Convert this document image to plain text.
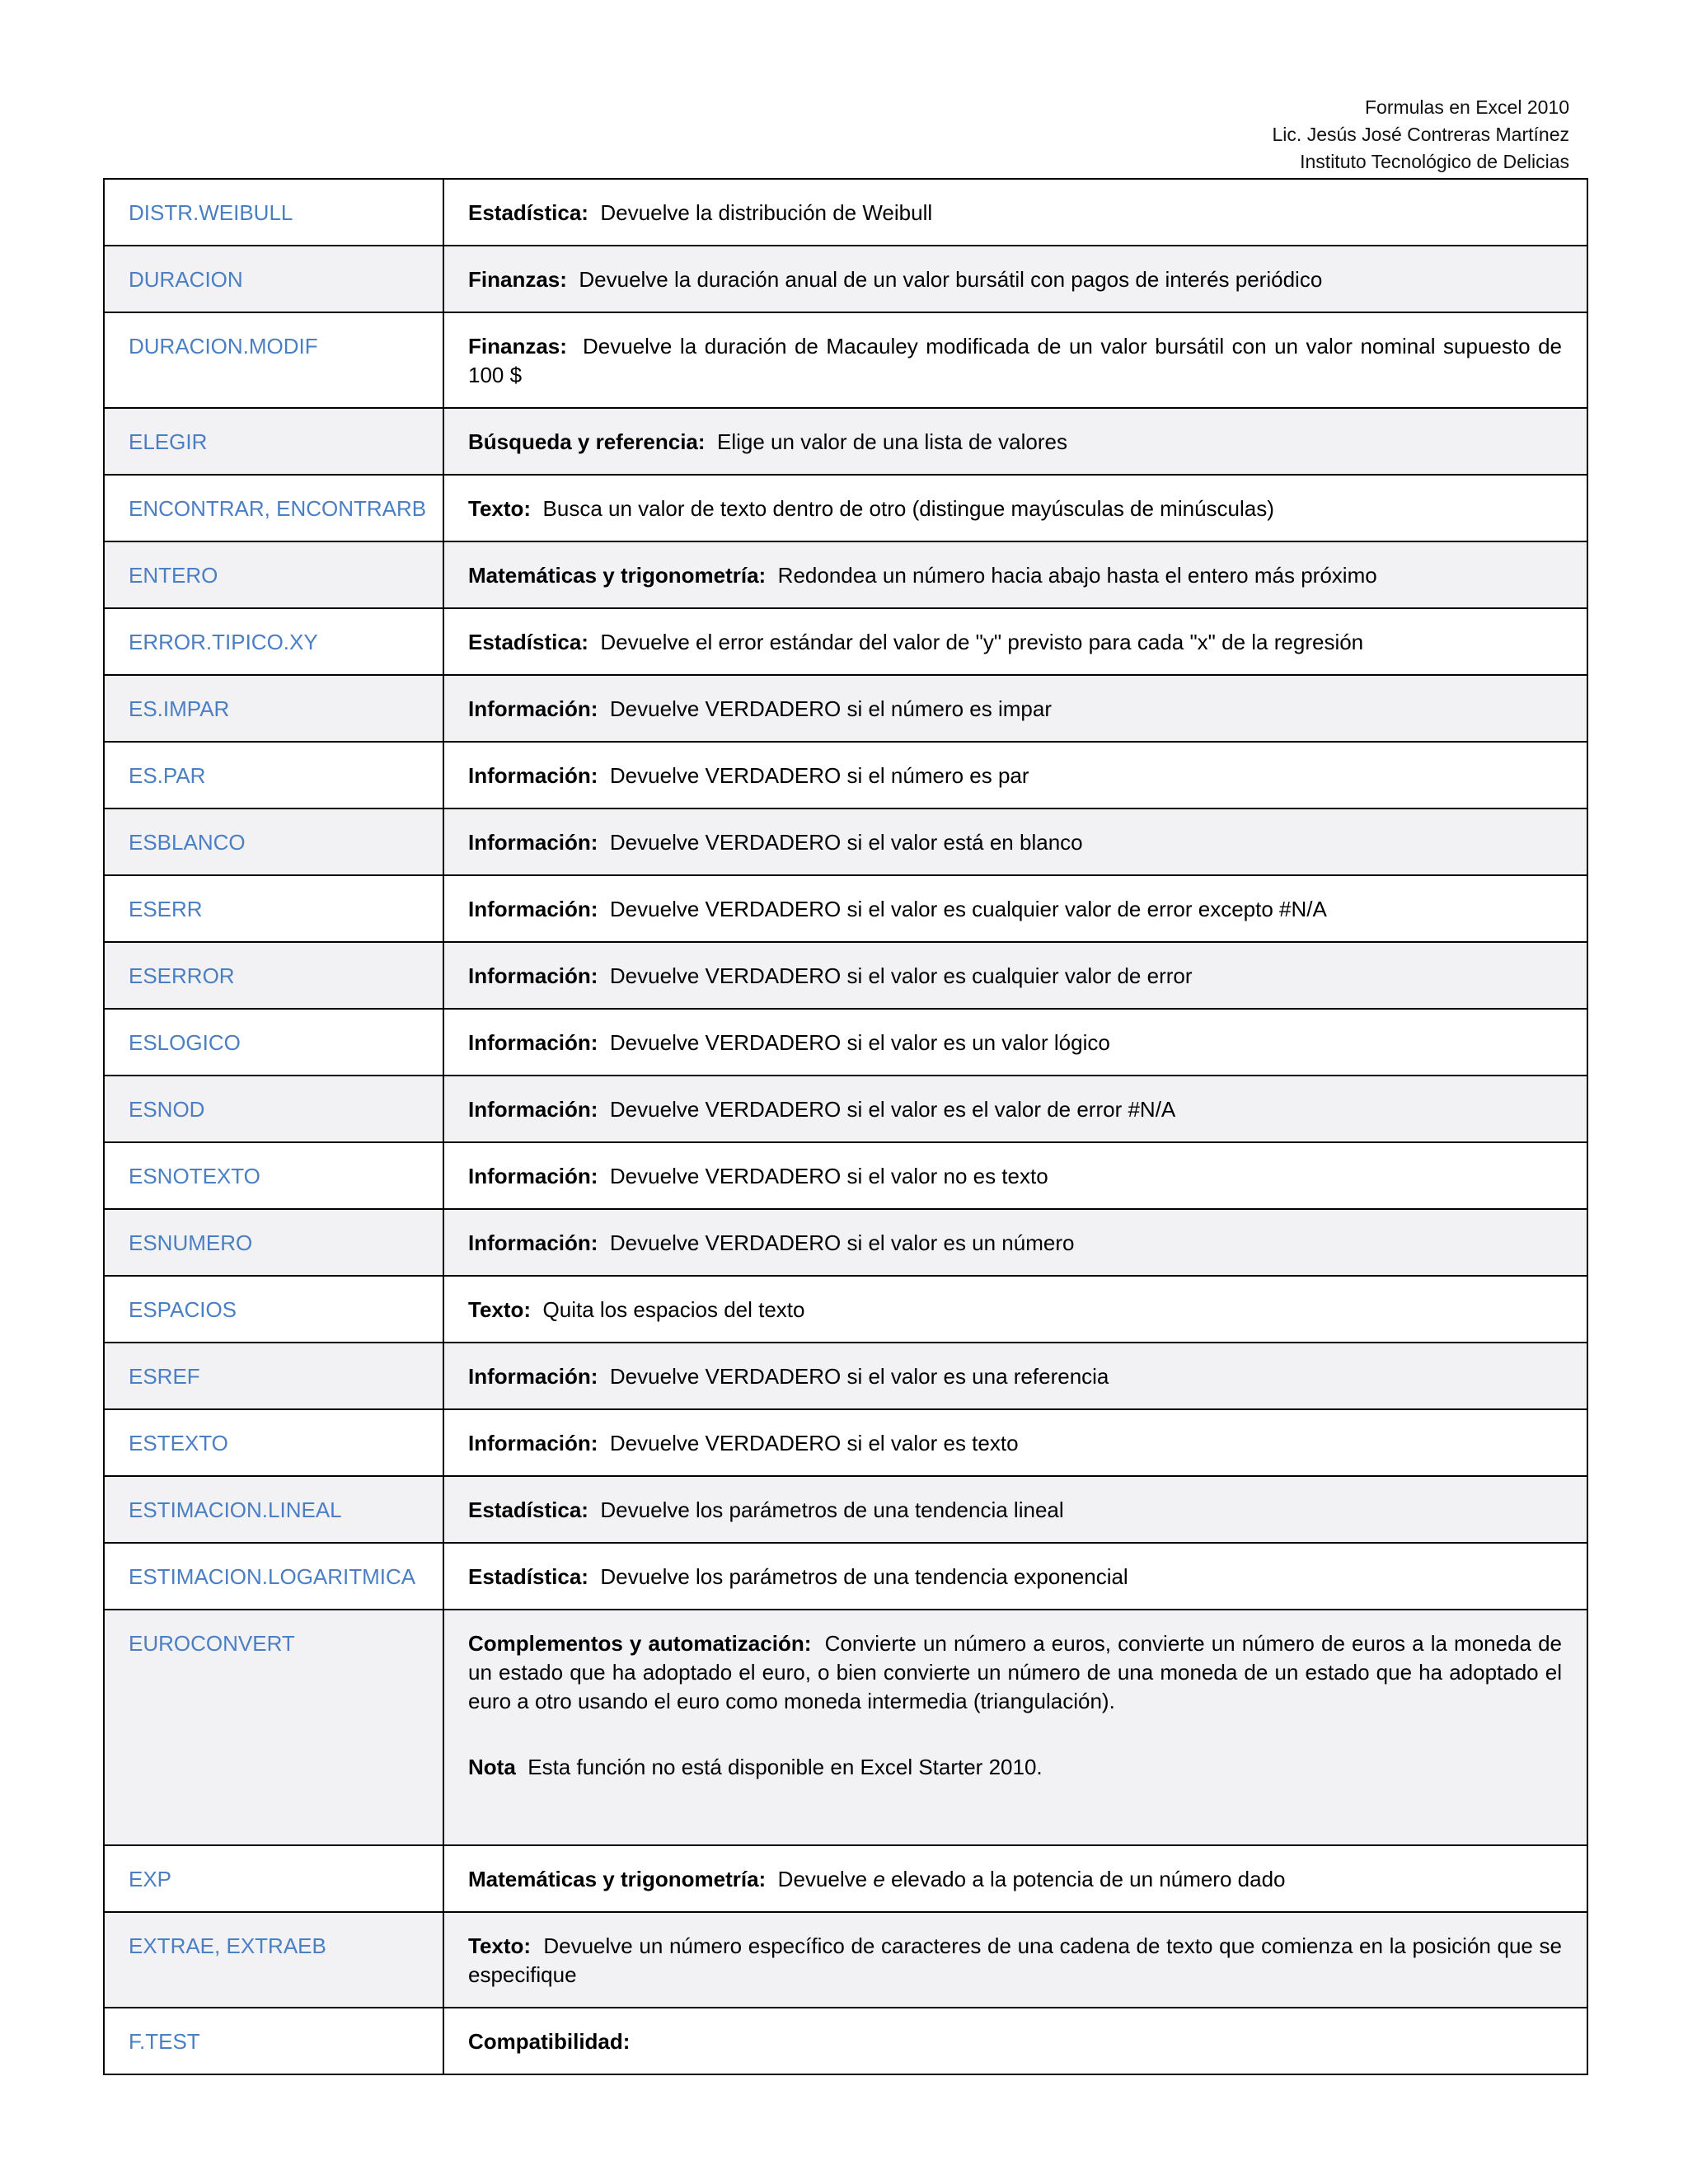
Formulas en Excel 2010
Lic. Jesús José Contreras Martínez
Instituto Tecnológico de Delicias
DISTR.WEIBULL	Estadística: Devuelve la distribución de Weibull
DURACION	Finanzas: Devuelve la duración anual de un valor bursátil con pagos de interés periódico
DURACION.MODIF	Finanzas: Devuelve la duración de Macauley modificada de un valor bursátil con un valor nominal supuesto de 100 $
ELEGIR	Búsqueda y referencia: Elige un valor de una lista de valores
ENCONTRAR, ENCONTRARB	Texto: Busca un valor de texto dentro de otro (distingue mayúsculas de minúsculas)
ENTERO	Matemáticas y trigonometría: Redondea un número hacia abajo hasta el entero más próximo
ERROR.TIPICO.XY	Estadística: Devuelve el error estándar del valor de "y" previsto para cada "x" de la regresión
ES.IMPAR	Información: Devuelve VERDADERO si el número es impar
ES.PAR	Información: Devuelve VERDADERO si el número es par
ESBLANCO	Información: Devuelve VERDADERO si el valor está en blanco
ESERR	Información: Devuelve VERDADERO si el valor es cualquier valor de error excepto #N/A
ESERROR	Información: Devuelve VERDADERO si el valor es cualquier valor de error
ESLOGICO	Información: Devuelve VERDADERO si el valor es un valor lógico
ESNOD	Información: Devuelve VERDADERO si el valor es el valor de error #N/A
ESNOTEXTO	Información: Devuelve VERDADERO si el valor no es texto
ESNUMERO	Información: Devuelve VERDADERO si el valor es un número
ESPACIOS	Texto: Quita los espacios del texto
ESREF	Información: Devuelve VERDADERO si el valor es una referencia
ESTEXTO	Información: Devuelve VERDADERO si el valor es texto
ESTIMACION.LINEAL	Estadística: Devuelve los parámetros de una tendencia lineal
ESTIMACION.LOGARITMICA	Estadística: Devuelve los parámetros de una tendencia exponencial
EUROCONVERT	Complementos y automatización: Convierte un número a euros, convierte un número de euros a la moneda de un estado que ha adoptado el euro, o bien convierte un número de una moneda de un estado que ha adoptado el euro a otro usando el euro como moneda intermedia (triangulación).
Nota Esta función no está disponible en Excel Starter 2010.

EXP	Matemáticas y trigonometría: Devuelve e elevado a la potencia de un número dado
EXTRAE, EXTRAEB	Texto: Devuelve un número específico de caracteres de una cadena de texto que comienza en la posición que se especifique
F.TEST	Compatibilidad:
